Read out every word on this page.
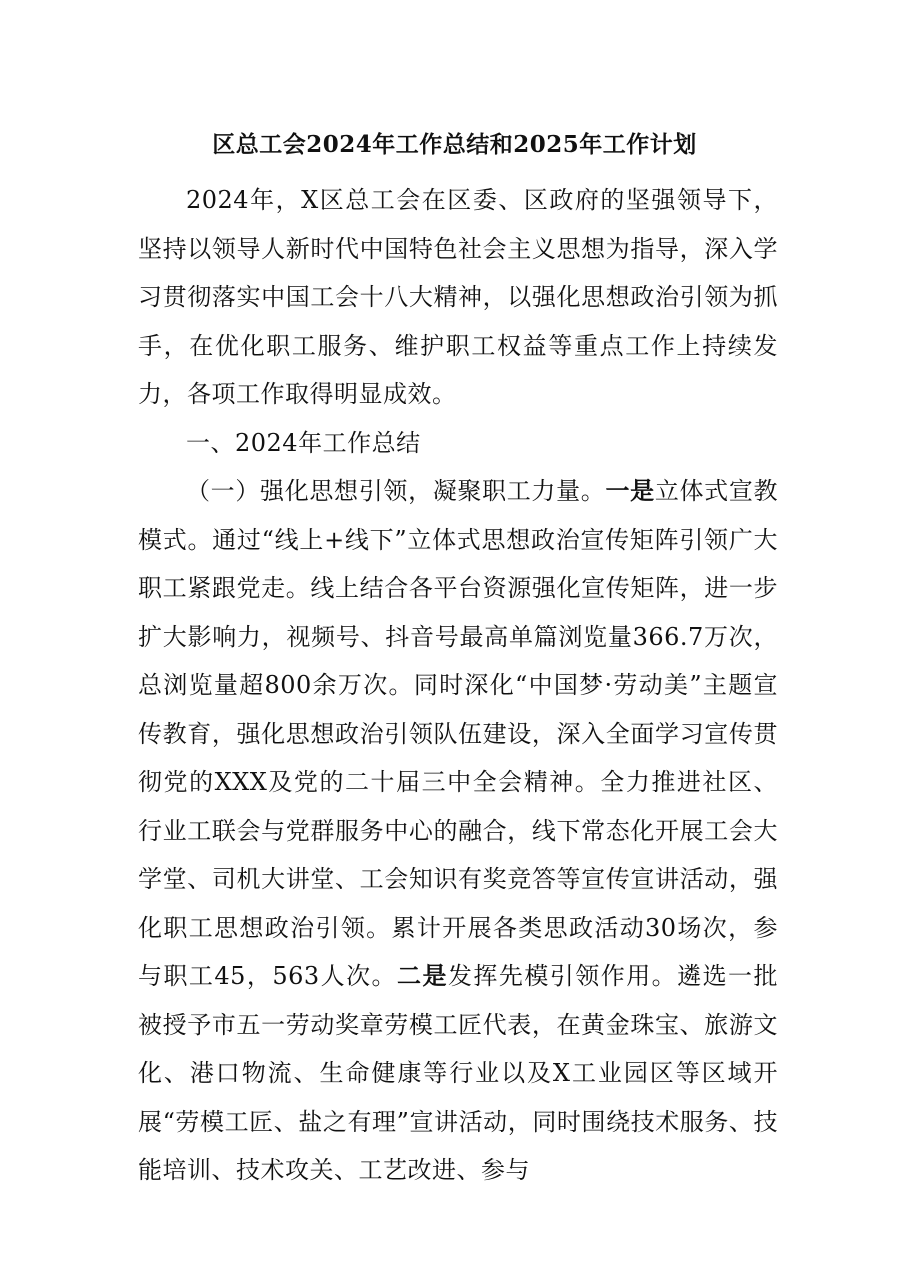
区总工会2024年工作总结和2025年工作计划

2024年，X区总工会在区委、区政府的坚强领导下，坚持以领导人新时代中国特色社会主义思想为指导，深入学习贯彻落实中国工会十八大精神，以强化思想政治引领为抓手，在优化职工服务、维护职工权益等重点工作上持续发力，各项工作取得明显成效。

一、2024年工作总结

（一）强化思想引领，凝聚职工力量。一是立体式宣教模式。通过“线上+线下”立体式思想政治宣传矩阵引领广大职工紧跟党走。线上结合各平台资源强化宣传矩阵，进一步扩大影响力，视频号、抖音号最高单篇浏览量366.7万次，总浏览量超800余万次。同时深化“中国梦·劳动美”主题宣传教育，强化思想政治引领队伍建设，深入全面学习宣传贯彻党的XXX及党的二十届三中全会精神。全力推进社区、行业工联会与党群服务中心的融合，线下常态化开展工会大学堂、司机大讲堂、工会知识有奖竞答等宣传宣讲活动，强化职工思想政治引领。累计开展各类思政活动30场次，参与职工45，563人次。二是发挥先模引领作用。遴选一批被授予市五一劳动奖章劳模工匠代表，在黄金珠宝、旅游文化、港口物流、生命健康等行业以及X工业园区等区域开展“劳模工匠、盐之有理”宣讲活动，同时围绕技术服务、技能培训、技术攻关、工艺改进、参与
